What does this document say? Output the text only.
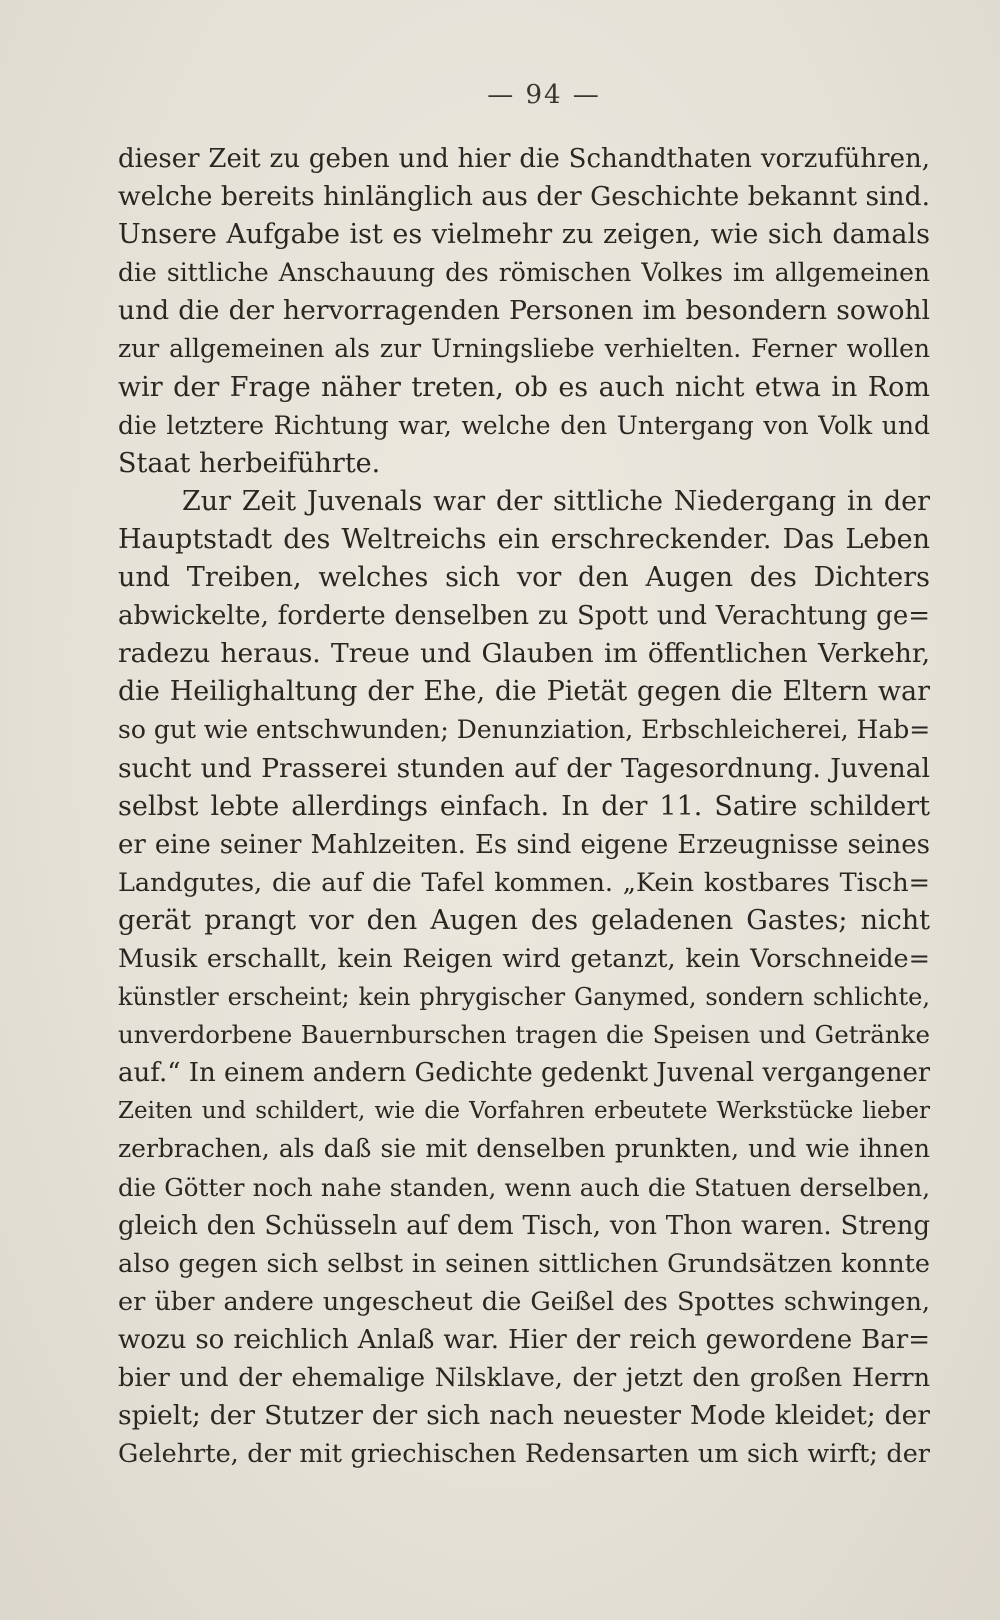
— 94 —
dieser Zeit zu geben und hier die Schandthaten vorzuführen,
welche bereits hinlänglich aus der Geschichte bekannt sind.
Unsere Aufgabe ist es vielmehr zu zeigen, wie sich damals
die sittliche Anschauung des römischen Volkes im allgemeinen
und die der hervorragenden Personen im besondern sowohl
zur allgemeinen als zur Urningsliebe verhielten. Ferner wollen
wir der Frage näher treten, ob es auch nicht etwa in Rom
die letztere Richtung war, welche den Untergang von Volk und
Staat herbeiführte.
Zur Zeit Juvenals war der sittliche Niedergang in der
Hauptstadt des Weltreichs ein erschreckender. Das Leben
und Treiben, welches sich vor den Augen des Dichters
abwickelte, forderte denselben zu Spott und Verachtung ge=
radezu heraus. Treue und Glauben im öffentlichen Verkehr,
die Heilighaltung der Ehe, die Pietät gegen die Eltern war
so gut wie entschwunden; Denunziation, Erbschleicherei, Hab=
sucht und Prasserei stunden auf der Tagesordnung. Juvenal
selbst lebte allerdings einfach. In der 11. Satire schildert
er eine seiner Mahlzeiten. Es sind eigene Erzeugnisse seines
Landgutes, die auf die Tafel kommen. „Kein kostbares Tisch=
gerät prangt vor den Augen des geladenen Gastes; nicht
Musik erschallt, kein Reigen wird getanzt, kein Vorschneide=
künstler erscheint; kein phrygischer Ganymed, sondern schlichte,
unverdorbene Bauernburschen tragen die Speisen und Getränke
auf.“ In einem andern Gedichte gedenkt Juvenal vergangener
Zeiten und schildert, wie die Vorfahren erbeutete Werkstücke lieber
zerbrachen, als daß sie mit denselben prunkten, und wie ihnen
die Götter noch nahe standen, wenn auch die Statuen derselben,
gleich den Schüsseln auf dem Tisch, von Thon waren. Streng
also gegen sich selbst in seinen sittlichen Grundsätzen konnte
er über andere ungescheut die Geißel des Spottes schwingen,
wozu so reichlich Anlaß war. Hier der reich gewordene Bar=
bier und der ehemalige Nilsklave, der jetzt den großen Herrn
spielt; der Stutzer der sich nach neuester Mode kleidet; der
Gelehrte, der mit griechischen Redensarten um sich wirft; der
